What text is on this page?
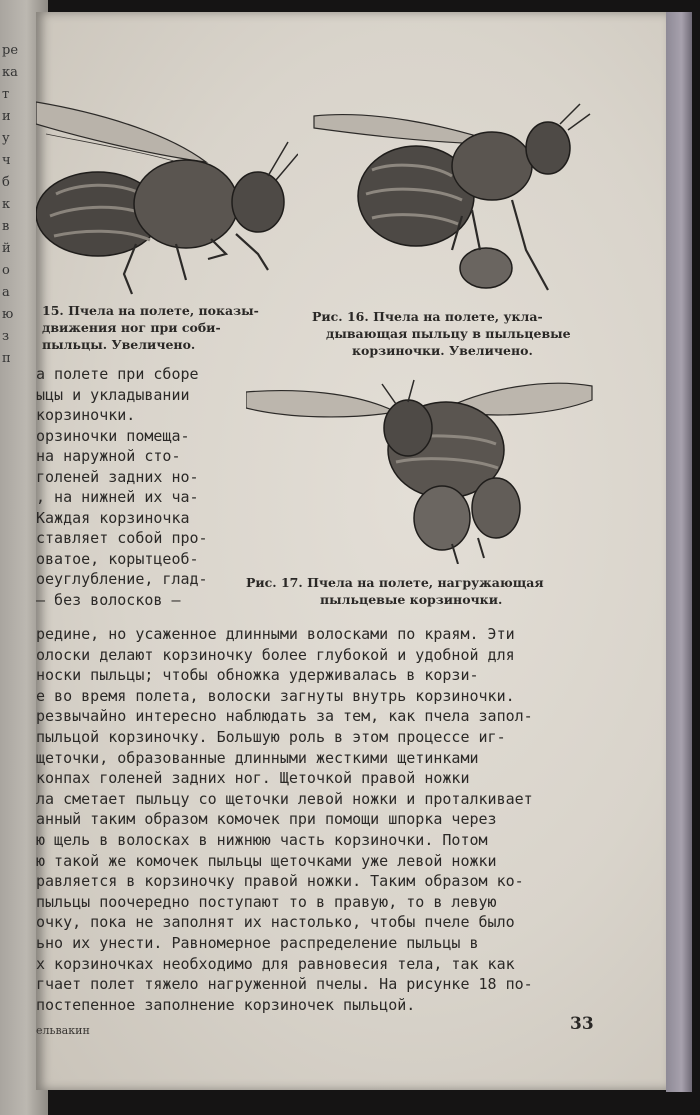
ре
ка
т
и
у
ч
б
к
в
й
о
а
ю
з
п
15. Пчела на полете, показы-
движения ног при соби-
пыльцы. Увеличено.
Рис. 16. Пчела на полете, укла-
дывающая пыльцу в пыльцевые
корзиночки. Увеличено.
Рис. 17. Пчела на полете, нагружающая
пыльцевые корзиночки.
а полете при сборе
ыцы и укладывании
корзиночки.
орзиночки помеща-
на наружной сто-
голеней задних но-
, на нижней их ча-
Каждая корзиночка
ставляет собой про-
оватое, корытцеоб-
оеуглубление, глад-
— без волосков —
редине, но усаженное длинными волосками по краям. Эти
олоски делают корзиночку более глубокой и удобной для
носки пыльцы; чтобы обножка удерживалась в корзи-
е во время полета, волоски загнуты внутрь корзиночки.
резвычайно интересно наблюдать за тем, как пчела запол-
пыльцой корзиночку. Большую роль в этом процессе иг-
щеточки, образованные длинными жесткими щетинками
конпах голеней задних ног. Щеточкой правой ножки
ла сметает пыльцу со щеточки левой ножки и проталкивает
анный таким образом комочек при помощи шпорка через
ю щель в волосках в нижнюю часть корзиночки. Потом
ю такой же комочек пыльцы щеточками уже левой ножки
равляется в корзиночку правой ножки. Таким образом ко-
пыльцы поочередно поступают то в правую, то в левую
очку, пока не заполнят их настолько, чтобы пчеле было
ьно их унести. Равномерное распределение пыльцы в
х корзиночках необходимо для равновесия тела, так как
гчает полет тяжело нагруженной пчелы. На рисунке 18 по-
постепенное заполнение корзиночек пыльцой.
ельвакин	33
